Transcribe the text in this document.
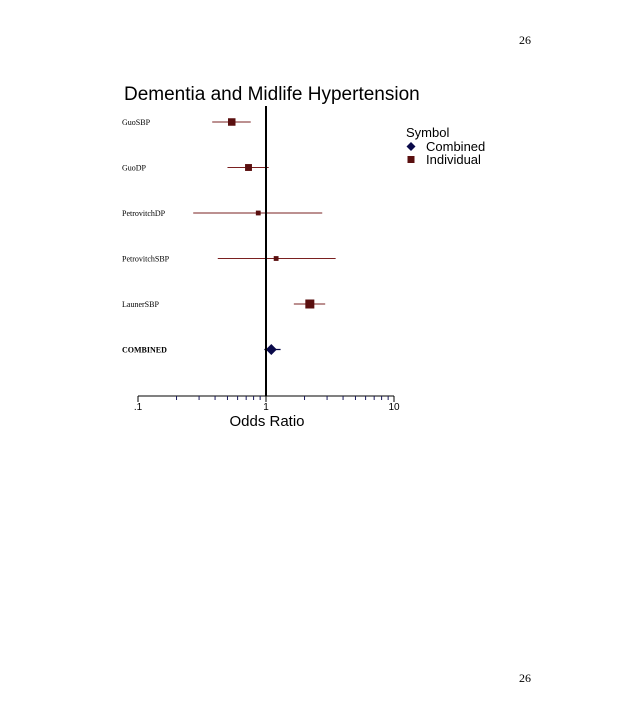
26
Dementia and Midlife Hypertension
GuoSBP
GuoDP
PetrovitchDP
PetrovitchSBP
LaunerSBP
COMBINED
.1	1	10
Odds Ratio
Symbol
Combined
Individual
26
